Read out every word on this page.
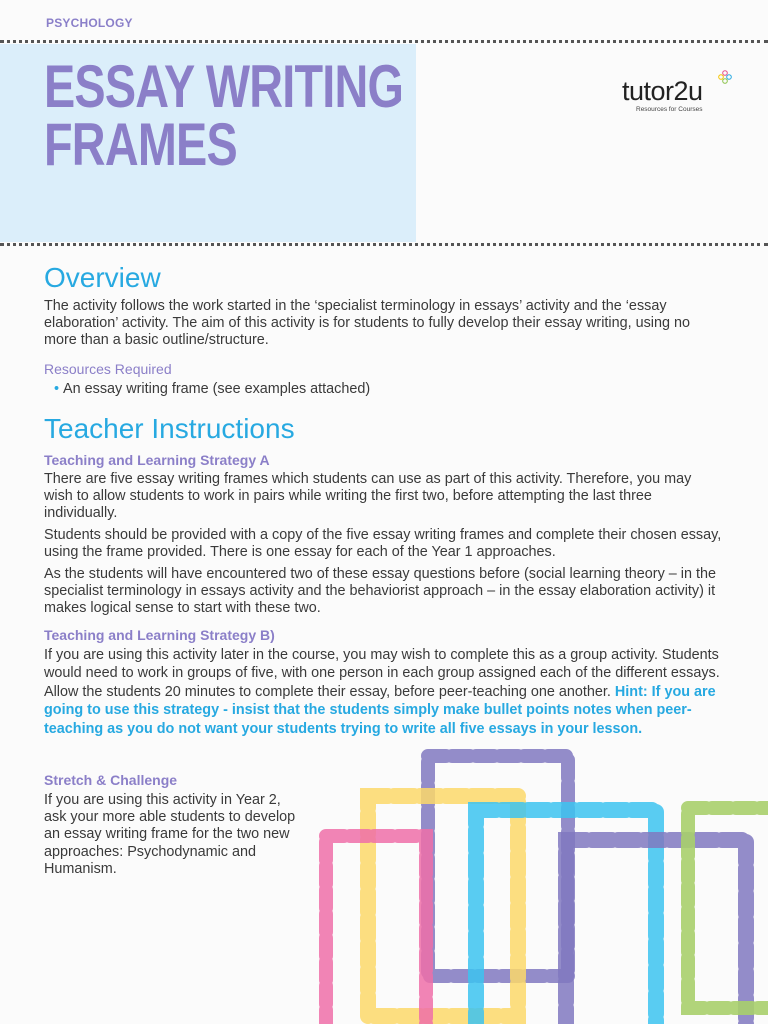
PSYCHOLOGY
ESSAY WRITING
FRAMES
tutor2u
Resources for Courses
Overview
The activity follows the work started in the ‘specialist terminology in essays’ activity and the ‘essay elaboration’ activity. The aim of this activity is for students to fully develop their essay writing, using no more than a basic outline/structure.
Resources Required
• An essay writing frame (see examples attached)
Teacher Instructions
Teaching and Learning Strategy A
There are five essay writing frames which students can use as part of this activity. Therefore, you may wish to allow students to work in pairs while writing the first two, before attempting the last three individually.
Students should be provided with a copy of the five essay writing frames and complete their chosen essay, using the frame provided. There is one essay for each of the Year 1 approaches.
As the students will have encountered two of these essay questions before (social learning theory – in the specialist terminology in essays activity and the behaviorist approach – in the essay elaboration activity) it makes logical sense to start with these two.
Teaching and Learning Strategy B)
If you are using this activity later in the course, you may wish to complete this as a group activity. Students would need to work in groups of five, with one person in each group assigned each of the different essays. Allow the students 20 minutes to complete their essay, before peer-teaching one another. Hint: If you are going to use this strategy - insist that the students simply make bullet points notes when peer-teaching as you do not want your students trying to write all five essays in your lesson.
Stretch & Challenge
If you are using this activity in Year 2, ask your more able students to develop an essay writing frame for the two new approaches: Psychodynamic and Humanism.
